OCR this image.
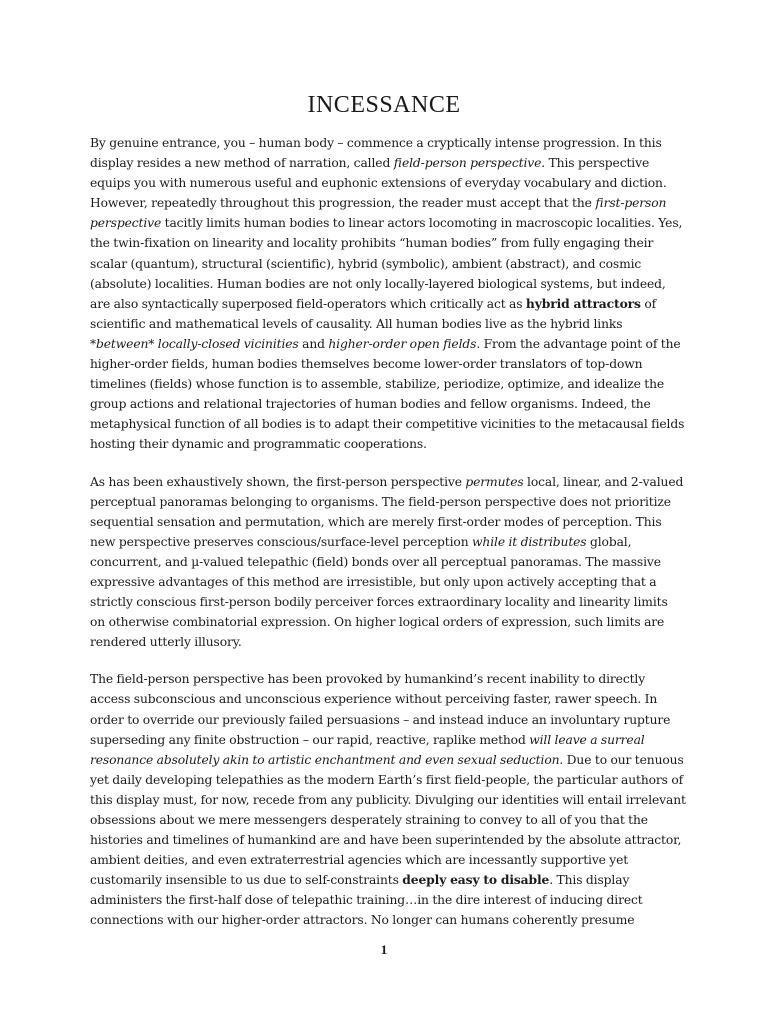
INCESSANCE

By genuine entrance, you – human body – commence a cryptically intense progression. In this display resides a new method of narration, called field-person perspective. This perspective equips you with numerous useful and euphonic extensions of everyday vocabulary and diction. However, repeatedly throughout this progression, the reader must accept that the first-person perspective tacitly limits human bodies to linear actors locomoting in macroscopic localities. Yes, the twin-fixation on linearity and locality prohibits “human bodies” from fully engaging their scalar (quantum), structural (scientific), hybrid (symbolic), ambient (abstract), and cosmic (absolute) localities. Human bodies are not only locally-layered biological systems, but indeed, are also syntactically superposed field-operators which critically act as hybrid attractors of scientific and mathematical levels of causality. All human bodies live as the hybrid links *between* locally-closed vicinities and higher-order open fields. From the advantage point of the higher-order fields, human bodies themselves become lower-order translators of top-down timelines (fields) whose function is to assemble, stabilize, periodize, optimize, and idealize the group actions and relational trajectories of human bodies and fellow organisms. Indeed, the metaphysical function of all bodies is to adapt their competitive vicinities to the metacausal fields hosting their dynamic and programmatic cooperations.

As has been exhaustively shown, the first-person perspective permutes local, linear, and 2-valued perceptual panoramas belonging to organisms. The field-person perspective does not prioritize sequential sensation and permutation, which are merely first-order modes of perception. This new perspective preserves conscious/surface-level perception while it distributes global, concurrent, and µ-valued telepathic (field) bonds over all perceptual panoramas. The massive expressive advantages of this method are irresistible, but only upon actively accepting that a strictly conscious first-person bodily perceiver forces extraordinary locality and linearity limits on otherwise combinatorial expression. On higher logical orders of expression, such limits are rendered utterly illusory.

The field-person perspective has been provoked by humankind’s recent inability to directly access subconscious and unconscious experience without perceiving faster, rawer speech. In order to override our previously failed persuasions – and instead induce an involuntary rupture superseding any finite obstruction – our rapid, reactive, raplike method will leave a surreal resonance absolutely akin to artistic enchantment and even sexual seduction. Due to our tenuous yet daily developing telepathies as the modern Earth’s first field-people, the particular authors of this display must, for now, recede from any publicity. Divulging our identities will entail irrelevant obsessions about we mere messengers desperately straining to convey to all of you that the histories and timelines of humankind are and have been superintended by the absolute attractor, ambient deities, and even extraterrestrial agencies which are incessantly supportive yet customarily insensible to us due to self-constraints deeply easy to disable. This display administers the first-half dose of telepathic training…in the dire interest of inducing direct connections with our higher-order attractors. No longer can humans coherently presume

1
